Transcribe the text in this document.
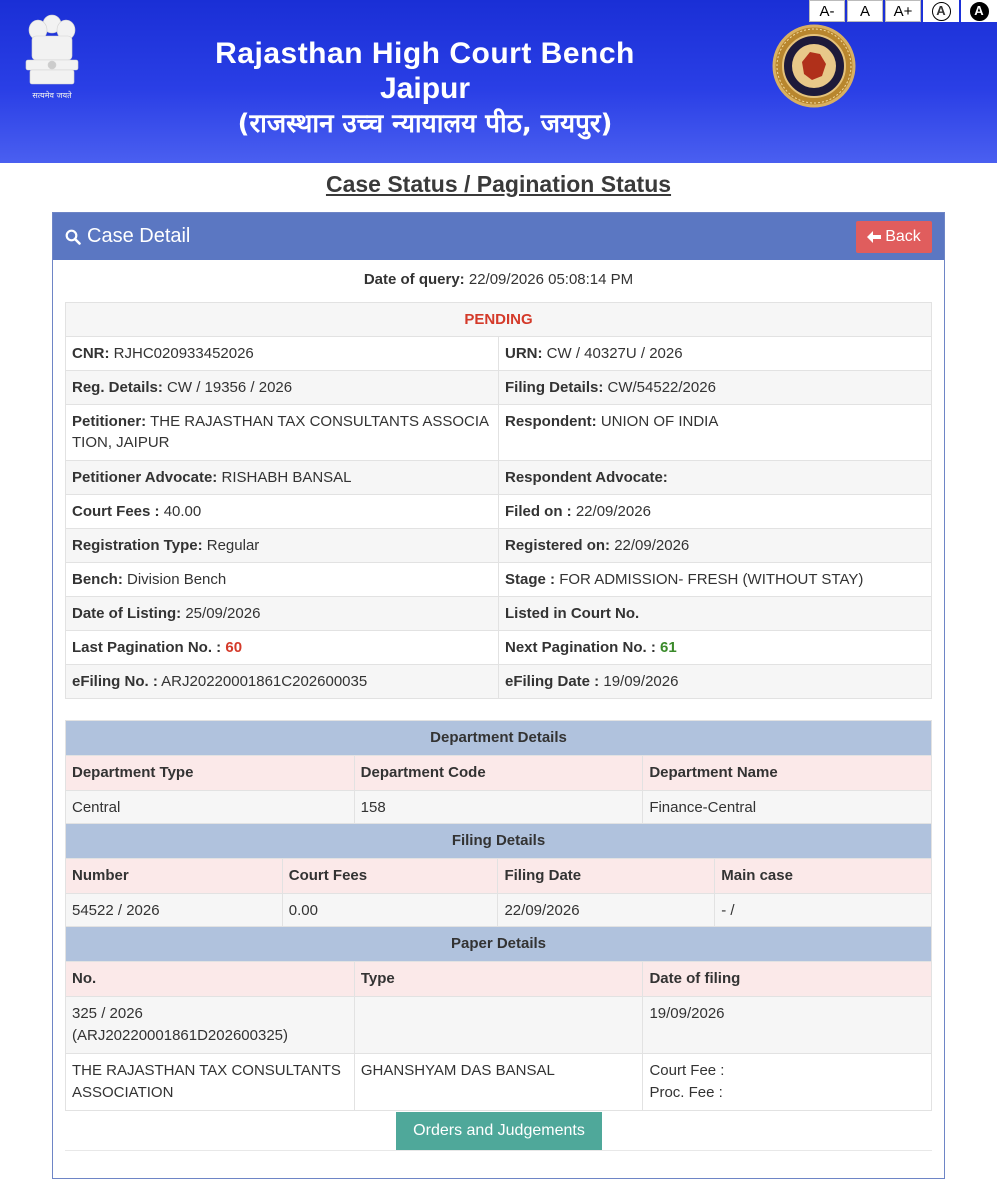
सत्यमेव जयते
Rajasthan High Court Bench
Jaipur
(राजस्थान उच्च न्यायालय पीठ, जयपुर)
A-	A	A+	A	A
Case Status / Pagination Status
Case Detail	Back
Date of query: 22/09/2026 05:08:14 PM
PENDING	
CNR: RJHC020933452026	URN: CW / 40327U / 2026
Reg. Details: CW / 19356 / 2026	Filing Details: CW/54522/2026
Petitioner: THE RAJASTHAN TAX CONSULTANTS ASSOCIA
TION, JAIPUR	Respondent: UNION OF INDIA
Petitioner Advocate: RISHABH BANSAL	Respondent Advocate:
Court Fees : 40.00	Filed on : 22/09/2026
Registration Type: Regular	Registered on: 22/09/2026
Bench: Division Bench	Stage : FOR ADMISSION- FRESH (WITHOUT STAY)
Date of Listing: 25/09/2026	Listed in Court No.
Last Pagination No. : 60	Next Pagination No. : 61
eFiling No. : ARJ20220001861C202600035	eFiling Date : 19/09/2026
Department Details		
Department Type	Department Code	Department Name
Central	158	Finance-Central
Filing Details			
Number	Court Fees	Filing Date	Main case
54522 / 2026	0.00	22/09/2026	- /
Paper Details		
No.	Type	Date of filing
325 / 2026
(ARJ20220001861D202600325)		19/09/2026
THE RAJASTHAN TAX CONSULTANTS
ASSOCIATION	GHANSHYAM DAS BANSAL	Court Fee :
Proc. Fee :
Orders and Judgements
